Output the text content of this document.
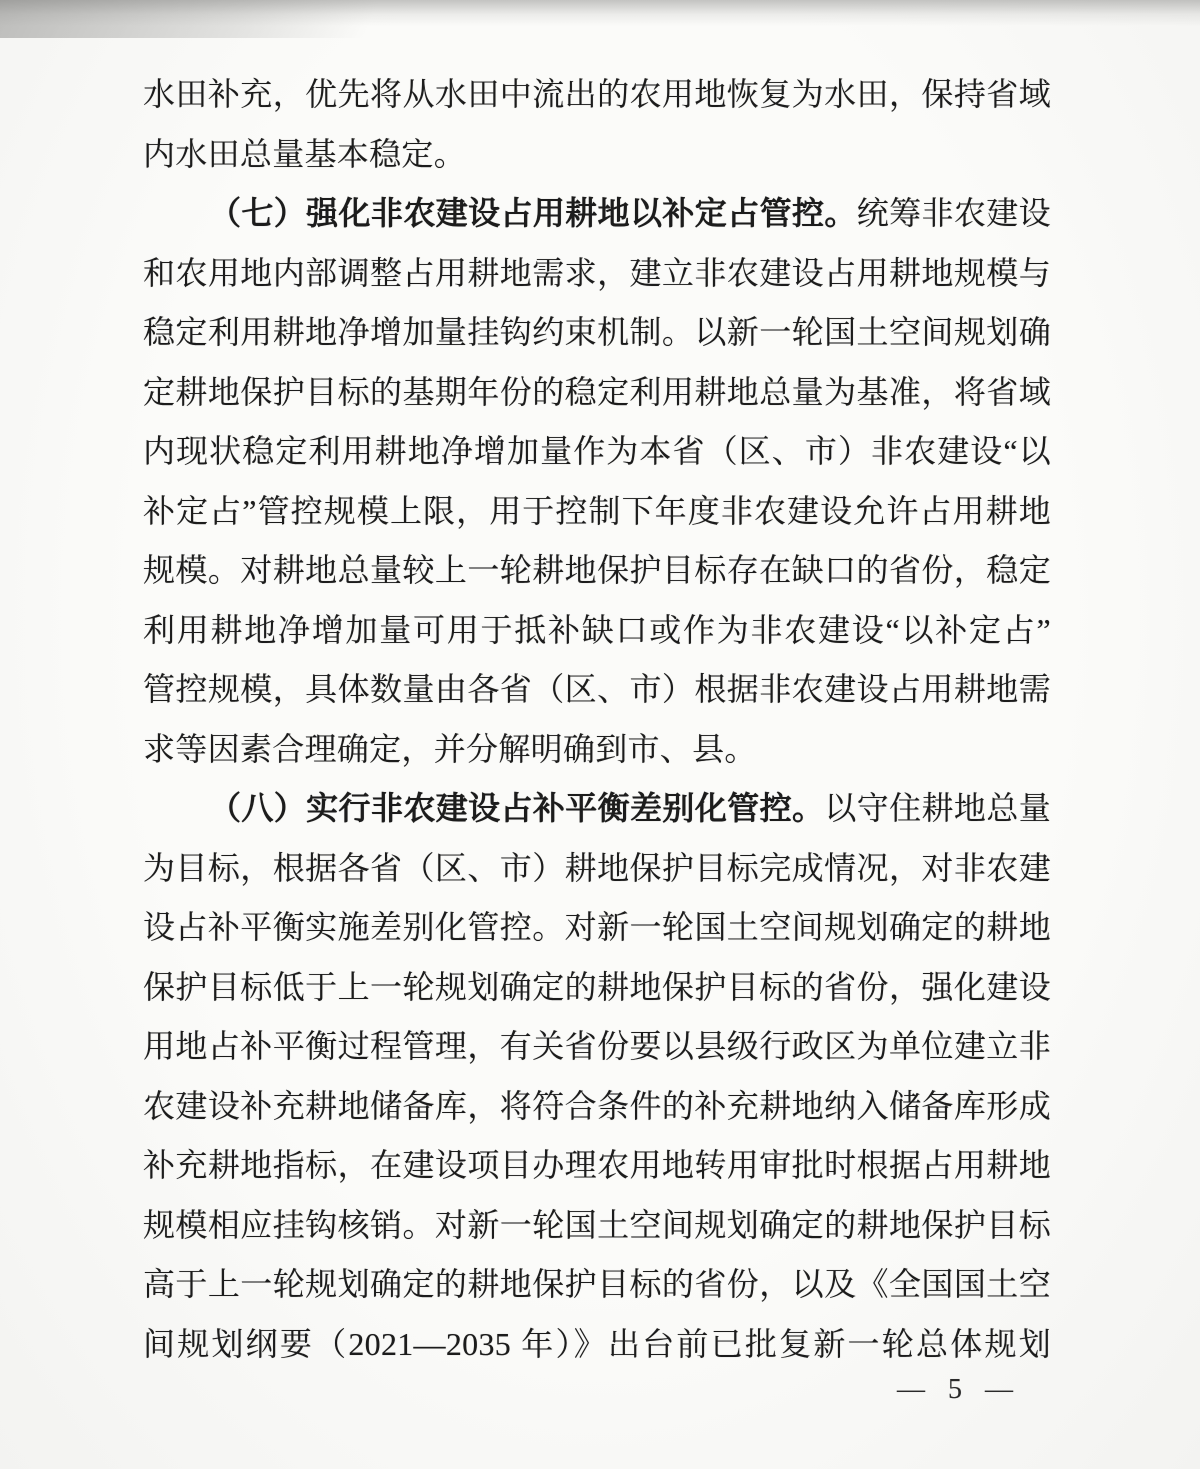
水田补充，优先将从水田中流出的农用地恢复为水田，保持省域
内水田总量基本稳定。
（七）强化非农建设占用耕地以补定占管控。统筹非农建设
和农用地内部调整占用耕地需求，建立非农建设占用耕地规模与
稳定利用耕地净增加量挂钩约束机制。以新一轮国土空间规划确
定耕地保护目标的基期年份的稳定利用耕地总量为基准，将省域
内现状稳定利用耕地净增加量作为本省（区、市）非农建设“以
补定占”管控规模上限，用于控制下年度非农建设允许占用耕地
规模。对耕地总量较上一轮耕地保护目标存在缺口的省份，稳定
利用耕地净增加量可用于抵补缺口或作为非农建设“以补定占”
管控规模，具体数量由各省（区、市）根据非农建设占用耕地需
求等因素合理确定，并分解明确到市、县。
（八）实行非农建设占补平衡差别化管控。以守住耕地总量
为目标，根据各省（区、市）耕地保护目标完成情况，对非农建
设占补平衡实施差别化管控。对新一轮国土空间规划确定的耕地
保护目标低于上一轮规划确定的耕地保护目标的省份，强化建设
用地占补平衡过程管理，有关省份要以县级行政区为单位建立非
农建设补充耕地储备库，将符合条件的补充耕地纳入储备库形成
补充耕地指标，在建设项目办理农用地转用审批时根据占用耕地
规模相应挂钩核销。对新一轮国土空间规划确定的耕地保护目标
高于上一轮规划确定的耕地保护目标的省份，以及《全国国土空
间规划纲要（2021—2035 年）》出台前已批复新一轮总体规划
— 5 —
